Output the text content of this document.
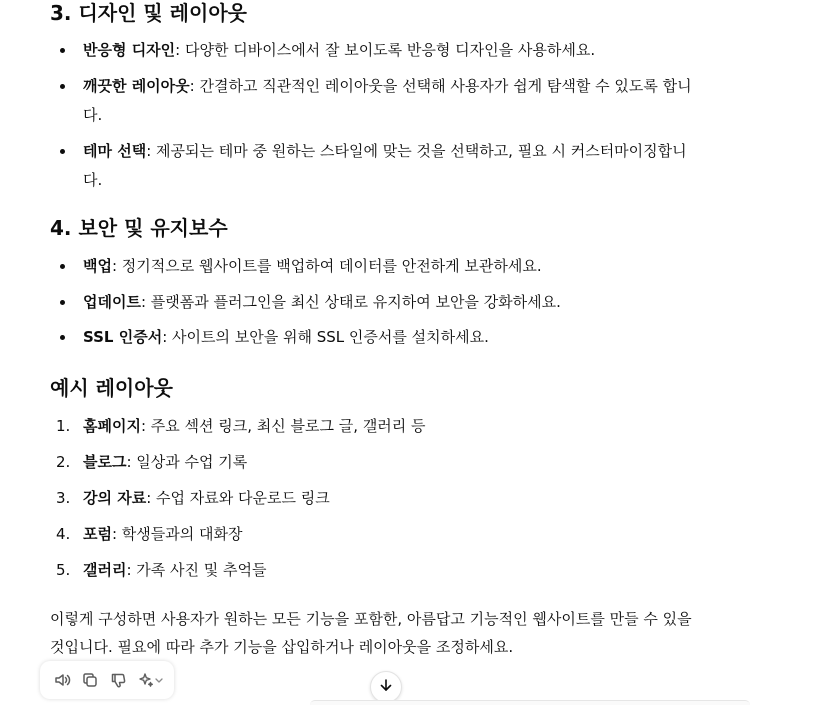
3. 디자인 및 레이아웃
반응형 디자인: 다양한 디바이스에서 잘 보이도록 반응형 디자인을 사용하세요.
깨끗한 레이아웃: 간결하고 직관적인 레이아웃을 선택해 사용자가 쉽게 탐색할 수 있도록 합니
다.
테마 선택: 제공되는 테마 중 원하는 스타일에 맞는 것을 선택하고, 필요 시 커스터마이징합니
다.
4. 보안 및 유지보수
백업: 정기적으로 웹사이트를 백업하여 데이터를 안전하게 보관하세요.
업데이트: 플랫폼과 플러그인을 최신 상태로 유지하여 보안을 강화하세요.
SSL 인증서: 사이트의 보안을 위해 SSL 인증서를 설치하세요.
예시 레이아웃
1. 홈페이지: 주요 섹션 링크, 최신 블로그 글, 갤러리 등
2. 블로그: 일상과 수업 기록
3. 강의 자료: 수업 자료와 다운로드 링크
4. 포럼: 학생들과의 대화장
5. 갤러리: 가족 사진 및 추억들
이렇게 구성하면 사용자가 원하는 모든 기능을 포함한, 아름답고 기능적인 웹사이트를 만들 수 있을
것입니다. 필요에 따라 추가 기능을 삽입하거나 레이아웃을 조정하세요.
